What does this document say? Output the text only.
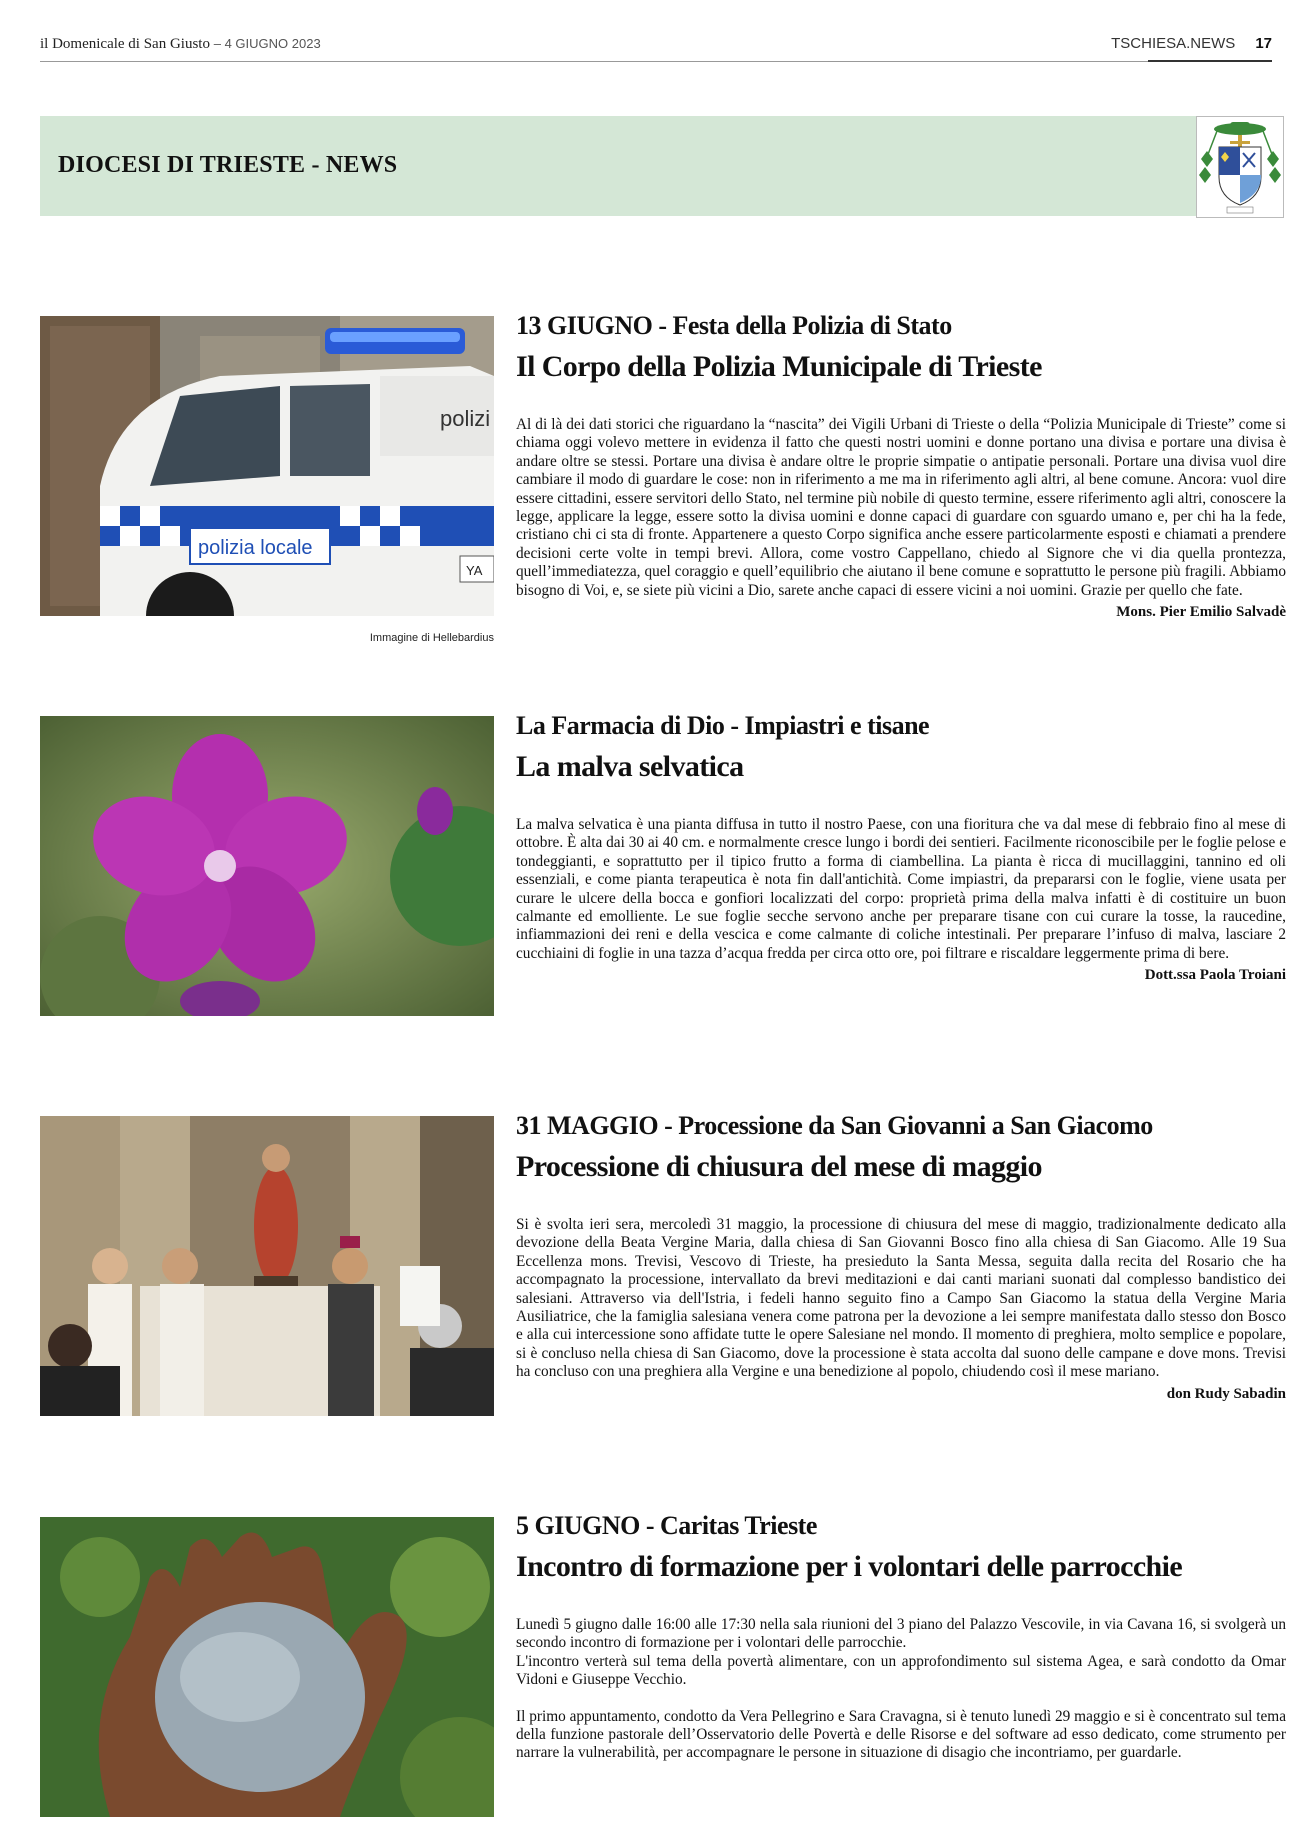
il Domenicale di San Giusto – 4 GIUGNO 2023	TSCHIESA.NEWS 17
DIOCESI DI TRIESTE - NEWS
polizi
polizia locale
YA
Immagine di Hellebardius
13 GIUGNO - Festa della Polizia di Stato
Il Corpo della Polizia Municipale di Trieste

Al di là dei dati storici che riguardano la “nascita” dei Vigili Urbani di Trieste o della “Polizia Municipale di Trieste” come si chiama oggi volevo mettere in evidenza il fatto che questi nostri uomini e donne portano una divisa e portare una divisa è andare oltre se stessi. Portare una divisa è andare oltre le proprie simpatie o antipatie personali. Portare una divisa vuol dire cambiare il modo di guardare le cose: non in riferimento a me ma in riferimento agli altri, al bene comune. Ancora: vuol dire essere cittadini, essere servitori dello Stato, nel termine più nobile di questo termine, essere riferimento agli altri, conoscere la legge, applicare la legge, essere sotto la divisa uomini e donne capaci di guardare con sguardo umano e, per chi ha la fede, cristiano chi ci sta di fronte. Appartenere a questo Corpo significa anche essere particolarmente esposti e chiamati a prendere decisioni certe volte in tempi brevi. Allora, come vostro Cappellano, chiedo al Signore che vi dia quella prontezza, quell’immediatezza, quel coraggio e quell’equilibrio che aiutano il bene comune e soprattutto le persone più fragili. Abbiamo bisogno di Voi, e, se siete più vicini a Dio, sarete anche capaci di essere vicini a noi uomini. Grazie per quello che fate.

Mons. Pier Emilio Salvadè
La Farmacia di Dio - Impiastri e tisane
La malva selvatica

La malva selvatica è una pianta diffusa in tutto il nostro Paese, con una fioritura che va dal mese di febbraio fino al mese di ottobre. È alta dai 30 ai 40 cm. e normalmente cresce lungo i bordi dei sentieri. Facilmente riconoscibile per le foglie pelose e tondeggianti, e soprattutto per il tipico frutto a forma di ciambellina. La pianta è ricca di mucillaggini, tannino ed oli essenziali, e come pianta terapeutica è nota fin dall'antichità. Come impiastri, da prepararsi con le foglie, viene usata per curare le ulcere della bocca e gonfiori localizzati del corpo: proprietà prima della malva infatti è di costituire un buon calmante ed emolliente. Le sue foglie secche servono anche per preparare tisane con cui curare la tosse, la raucedine, infiammazioni dei reni e della vescica e come calmante di coliche intestinali. Per preparare l’infuso di malva, lasciare 2 cucchiaini di foglie in una tazza d’acqua fredda per circa otto ore, poi filtrare e riscaldare leggermente prima di bere.

Dott.ssa Paola Troiani
31 MAGGIO - Processione da San Giovanni a San Giacomo
Processione di chiusura del mese di maggio

Si è svolta ieri sera, mercoledì 31 maggio, la processione di chiusura del mese di maggio, tradizionalmente dedicato alla devozione della Beata Vergine Maria, dalla chiesa di San Giovanni Bosco fino alla chiesa di San Giacomo. Alle 19 Sua Eccellenza mons. Trevisi, Vescovo di Trieste, ha presieduto la Santa Messa, seguita dalla recita del Rosario che ha accompagnato la processione, intervallato da brevi meditazioni e dai canti mariani suonati dal complesso bandistico dei salesiani. Attraverso via dell'Istria, i fedeli hanno seguito fino a Campo San Giacomo la statua della Vergine Maria Ausiliatrice, che la famiglia salesiana venera come patrona per la devozione a lei sempre manifestata dallo stesso don Bosco e alla cui intercessione sono affidate tutte le opere Salesiane nel mondo. Il momento di preghiera, molto semplice e popolare, si è concluso nella chiesa di San Giacomo, dove la processione è stata accolta dal suono delle campane e dove mons. Trevisi ha concluso con una preghiera alla Vergine e una benedizione al popolo, chiudendo così il mese mariano.

don Rudy Sabadin
5 GIUGNO - Caritas Trieste
Incontro di formazione per i volontari delle parrocchie

Lunedì 5 giugno dalle 16:00 alle 17:30 nella sala riunioni del 3 piano del Palazzo Vescovile, in via Cavana 16, si svolgerà un secondo incontro di formazione per i volontari delle parrocchie.

L'incontro verterà sul tema della povertà alimentare, con un approfondimento sul sistema Agea, e sarà condotto da Omar Vidoni e Giuseppe Vecchio.

Il primo appuntamento, condotto da Vera Pellegrino e Sara Cravagna, si è tenuto lunedì 29 maggio e si è concentrato sul tema della funzione pastorale dell’Osservatorio delle Povertà e delle Risorse e del software ad esso dedicato, come strumento per narrare la vulnerabilità, per accompagnare le persone in situazione di disagio che incontriamo, per guardarle.
